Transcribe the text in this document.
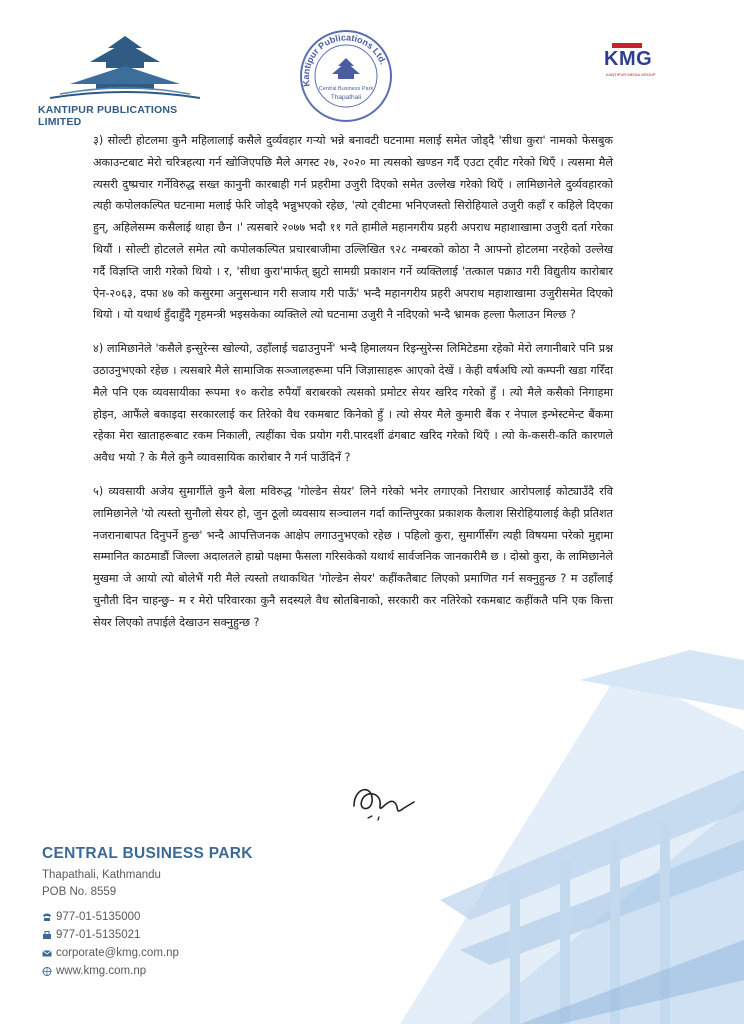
KANTIPUR PUBLICATIONS LIMITED
Kantipur Publications Ltd.
Central Business Park
Thapathali
KMG
KANTIPUR MEDIA GROUP

३) सोल्टी होटलमा कुनै महिलालाई कसैले दुर्व्यवहार गर्‍यो भन्ने बनावटी घटनामा मलाई समेत जोड्दै 'सीधा कुरा' नामको फेसबुक अकाउन्टबाट मेरो चरित्रहत्या गर्न खोजिएपछि मैले अगस्ट २७, २०२० मा त्यसको खण्डन गर्दै एउटा ट्वीट गरेको थिएँ । त्यसमा मैले त्यसरी दुष्प्रचार गर्नेविरुद्ध सख्त कानुनी कारबाही गर्न प्रहरीमा उजुरी दिएको समेत उल्लेख गरेको थिएँ । लामिछानेले दुर्व्यवहारको त्यही कपोलकल्पित घटनामा मलाई फेरि जोड्दै भन्नुभएको रहेछ, 'त्यो ट्वीटमा भनिएजस्तो सिरोहियाले उजुरी कहाँ र कहिले दिएका हुन्, अहिलेसम्म कसैलाई थाहा छैन ।' त्यसबारे २०७७ भदौ ११ गते हामीले महानगरीय प्रहरी अपराध महाशाखामा उजुरी दर्ता गरेका थियौं । सोल्टी होटलले समेत त्यो कपोलकल्पित प्रचारबाजीमा उल्लिखित ९२८ नम्बरको कोठा नै आफ्नो होटलमा नरहेको उल्लेख गर्दै विज्ञप्ति जारी गरेको थियो । र, 'सीधा कुरा'मार्फत् झुटो सामग्री प्रकाशन गर्ने व्यक्तिलाई 'तत्काल पक्राउ गरी विद्युतीय कारोबार ऐन-२०६३, दफा ४७ को कसुरमा अनुसन्धान गरी सजाय गरी पाऊँ' भन्दै महानगरीय प्रहरी अपराध महाशाखामा उजुरीसमेत दिएको थियो । यो यथार्थ हुँदाहुँदै गृहमन्त्री भइसकेका व्यक्तिले त्यो घटनामा उजुरी नै नदिएको भन्दै भ्रामक हल्ला फैलाउन मिल्छ ?

४) लामिछानेले 'कसैले इन्सुरेन्स खोल्यो, उहाँलाई चढाउनुपर्ने' भन्दै हिमालयन रिइन्सुरेन्स लिमिटेडमा रहेको मेरो लगानीबारे पनि प्रश्न उठाउनुभएको रहेछ । त्यसबारे मैले सामाजिक सञ्जालहरूमा पनि जिज्ञासाहरू आएको देखें । केही वर्षअघि त्यो कम्पनी खडा गरिँदा मैले पनि एक व्यवसायीका रूपमा १० करोड रुपैयाँ बराबरको त्यसको प्रमोटर सेयर खरिद गरेको हुँ । त्यो मैले कसैको निगाहमा होइन, आफैंले बकाइदा सरकारलाई कर तिरेको वैध रकमबाट किनेको हुँ । त्यो सेयर मैले कुमारी बैंक र नेपाल इन्भेस्टमेन्ट बैंकमा रहेका मेरा खाताहरूबाट रकम निकाली, त्यहींका चेक प्रयोग गरी.पारदर्शी ढंगबाट खरिद गरेको थिएँ । त्यो के-कसरी-कति कारणले अवैध भयो ? के मैले कुनै व्यावसायिक कारोबार नै गर्न पाउँदिनँ ?

५) व्यवसायी अजेय सुमार्गीले कुनै बेला मविरुद्ध 'गोल्डेन सेयर' लिने गरेको भनेर लगाएको निराधार आरोपलाई कोट्याउँदै रवि लामिछानेले 'यो त्यस्तो सुनौलो सेयर हो, जुन ठूलो व्यवसाय सञ्चालन गर्दा कान्तिपुरका प्रकाशक कैलाश सिरोहियालाई केही प्रतिशत नजरानाबापत दिनुपर्ने हुन्छ' भन्दै आपत्तिजनक आक्षेप लगाउनुभएको रहेछ । पहिलो कुरा, सुमार्गीसँग त्यही विषयमा परेको मुद्दामा सम्मानित काठमाडौं जिल्ला अदालतले हाम्रो पक्षमा फैसला गरिसकेको यथार्थ सार्वजनिक जानकारीमै छ । दोस्रो कुरा, के लामिछानेले मुखमा जे आयो त्यो बोलेभैं गरी मैले त्यस्तो तथाकथित 'गोल्डेन सेयर' कहींकतैबाट लिएको प्रमाणित गर्न सक्नुहुन्छ ? म उहाँलाई चुनौती दिन चाहन्छु– म र मेरो परिवारका कुनै सदस्यले वैध स्रोतबिनाको, सरकारी कर नतिरेको रकमबाट कहींकतै पनि एक कित्ता सेयर लिएको तपाईले देखाउन सक्नुहुन्छ ?

CENTRAL BUSINESS PARK
Thapathali, Kathmandu
POB No. 8559
977-01-5135000
977-01-5135021
corporate@kmg.com.np
www.kmg.com.np
